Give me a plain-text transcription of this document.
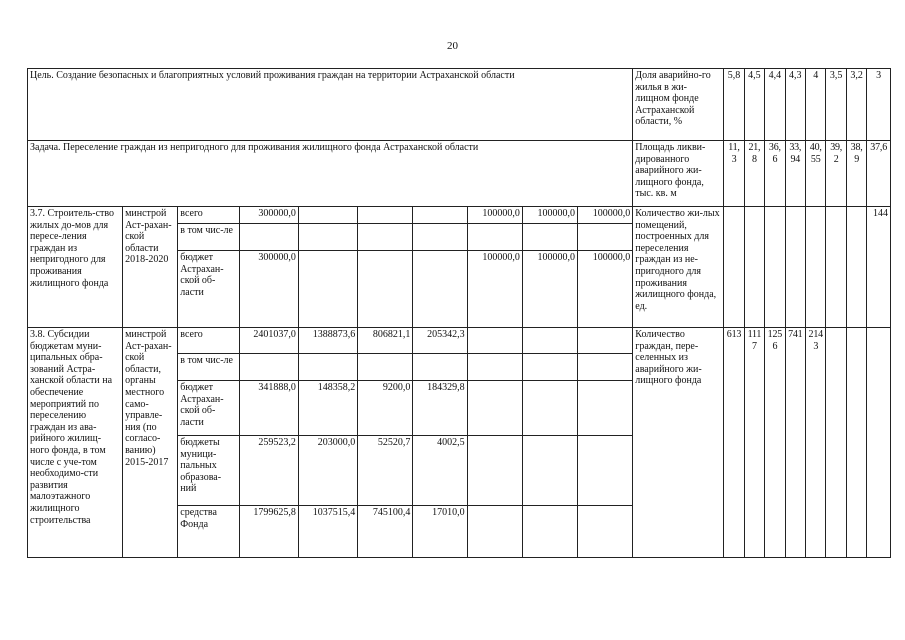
20
Цель. Создание безопасных и благоприятных условий проживания граждан на территории Астраханской области										Доля аварийно-го жилья в жи-лищном фонде Астраханской области, %	5,8	4,5	4,4	4,3	4	3,5	3,2	3
Задача. Переселение граждан из непригодного для проживания жилищного фонда Астраханской области										Площадь ликви-дированного аварийного жи-лищного фонда, тыс. кв. м	11,3	21,8	36,6	33,94	40,55	39,2	38,9	37,6
3.7. Строитель-ство жилых до-мов для пересе-ления граждан из непригодного для проживания жилищного фонда	минстрой Аст-рахан-ской области 2018-2020	всего	300000,0				100000,0	100000,0	100000,0	Количество жи-лых помещений, построенных для переселения граждан из не-пригодного для проживания жилищного фонда, ед.								144
		в том чис-ле																
		бюджет Астрахан-ской об-ласти	300000,0				100000,0	100000,0	100000,0									
3.8. Субсидии бюджетам муни-ципальных обра-зований Астра-ханской области на обеспечение мероприятий по переселению граждан из ава-рийного жилищ-ного фонда, в том числе с уче-том необходимо-сти развития малоэтажного жилищного строительства	минстрой Аст-рахан-ской области, органы местного само-управле-ния (по согласо-ванию) 2015-2017	всего	2401037,0	1388873,6	806821,1	205342,3				Количество граждан, пере-селенных из аварийного жи-лищного фонда	613	1117	1256	741	2143			
		в том чис-ле																
		бюджет Астрахан-ской об-ласти	341888,0	148358,2	9200,0	184329,8												
		бюджеты муници-пальных образова-ний	259523,2	203000,0	52520,7	4002,5												
		средства Фонда	1799625,8	1037515,4	745100,4	17010,0												
